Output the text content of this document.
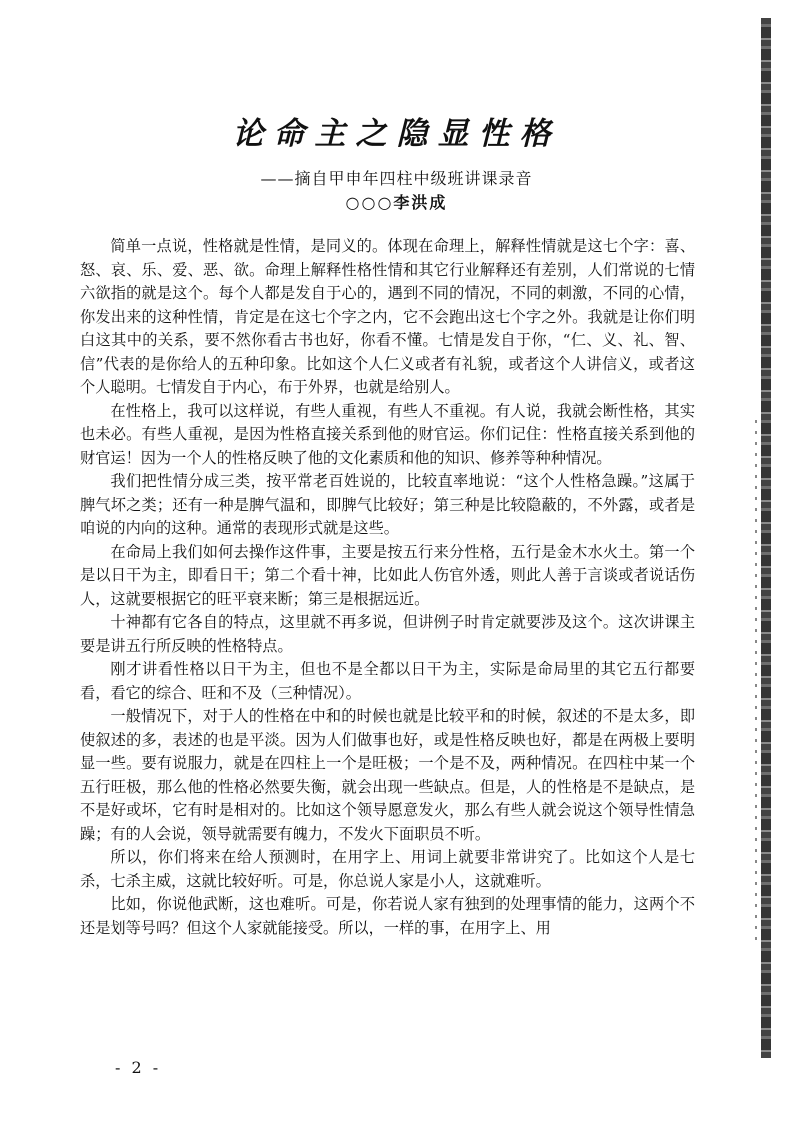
论命主之隐显性格
——摘自甲申年四柱中级班讲课录音
○○○李洪成

简单一点说，性格就是性情，是同义的。体现在命理上，解释性情就是这七个字：喜、怒、哀、乐、爱、恶、欲。命理上解释性格性情和其它行业解释还有差别，人们常说的七情六欲指的就是这个。每个人都是发自于心的，遇到不同的情况，不同的刺激，不同的心情，你发出来的这种性情，肯定是在这七个字之内，它不会跑出这七个字之外。我就是让你们明白这其中的关系，要不然你看古书也好，你看不懂。七情是发自于你，“仁、义、礼、智、信”代表的是你给人的五种印象。比如这个人仁义或者有礼貌，或者这个人讲信义，或者这个人聪明。七情发自于内心，布于外界，也就是给别人。

在性格上，我可以这样说，有些人重视，有些人不重视。有人说，我就会断性格，其实也未必。有些人重视，是因为性格直接关系到他的财官运。你们记住：性格直接关系到他的财官运！因为一个人的性格反映了他的文化素质和他的知识、修养等种种情况。

我们把性情分成三类，按平常老百姓说的，比较直率地说：“这个人性格急躁。”这属于脾气坏之类；还有一种是脾气温和，即脾气比较好；第三种是比较隐蔽的，不外露，或者是咱说的内向的这种。通常的表现形式就是这些。

在命局上我们如何去操作这件事，主要是按五行来分性格，五行是金木水火土。第一个是以日干为主，即看日干；第二个看十神，比如此人伤官外透，则此人善于言谈或者说话伤人，这就要根据它的旺平衰来断；第三是根据远近。

十神都有它各自的特点，这里就不再多说，但讲例子时肯定就要涉及这个。这次讲课主要是讲五行所反映的性格特点。

刚才讲看性格以日干为主，但也不是全都以日干为主，实际是命局里的其它五行都要看，看它的综合、旺和不及（三种情况）。

一般情况下，对于人的性格在中和的时候也就是比较平和的时候，叙述的不是太多，即使叙述的多，表述的也是平淡。因为人们做事也好，或是性格反映也好，都是在两极上要明显一些。要有说服力，就是在四柱上一个是旺极；一个是不及，两种情况。在四柱中某一个五行旺极，那么他的性格必然要失衡，就会出现一些缺点。但是，人的性格是不是缺点，是不是好或坏，它有时是相对的。比如这个领导愿意发火，那么有些人就会说这个领导性情急躁；有的人会说，领导就需要有魄力，不发火下面职员不听。

所以，你们将来在给人预测时，在用字上、用词上就要非常讲究了。比如这个人是七杀，七杀主威，这就比较好听。可是，你总说人家是小人，这就难听。

比如，你说他武断，这也难听。可是，你若说人家有独到的处理事情的能力，这两个不还是划等号吗？但这个人家就能接受。所以，一样的事，在用字上、用

- 2 -
